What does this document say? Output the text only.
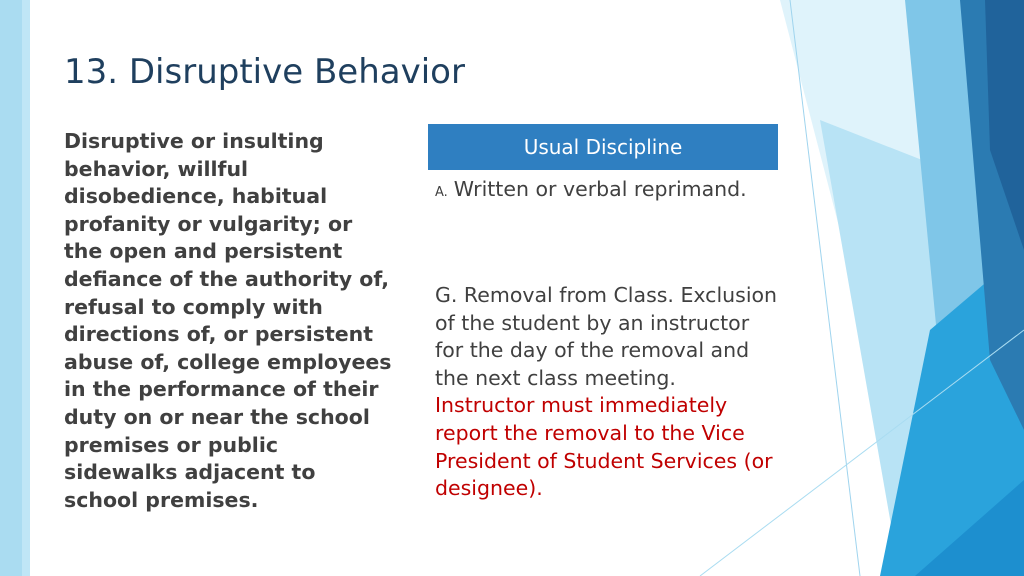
13. Disruptive Behavior
Disruptive or insulting behavior, willful disobedience, habitual profanity or vulgarity; or the open and persistent defiance of the authority of, refusal to comply with directions of, or persistent abuse of, college employees in the performance of their duty on or near the school premises or public sidewalks adjacent to school premises.
Usual Discipline
A. Written or verbal reprimand.
G. Removal from Class. Exclusion of the student by an instructor for the day of the removal and the next class meeting. Instructor must immediately report the removal to the Vice President of Student Services (or designee).
